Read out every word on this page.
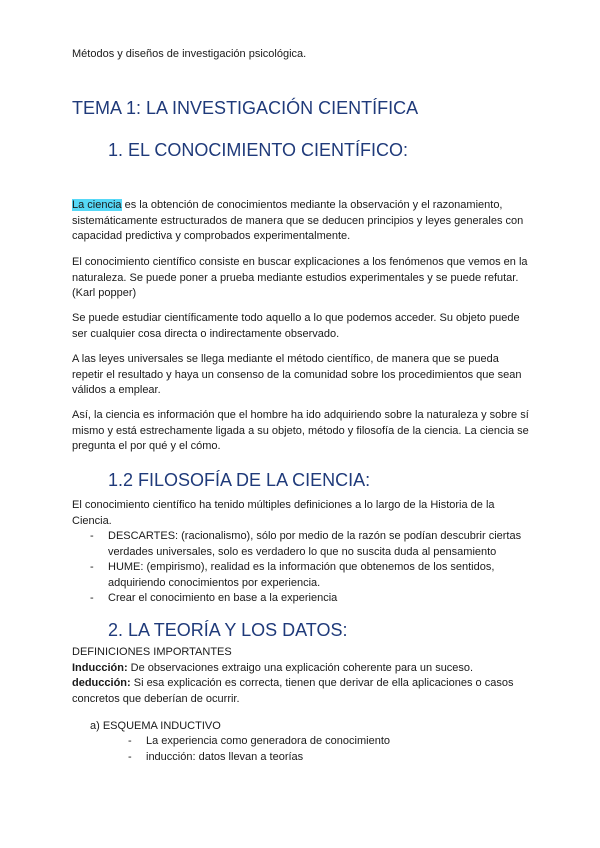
Métodos y diseños de investigación psicológica.
TEMA 1: LA INVESTIGACIÓN CIENTÍFICA
1. EL CONOCIMIENTO CIENTÍFICO:
La ciencia es la obtención de conocimientos mediante la observación y el razonamiento, sistemáticamente estructurados de manera que se deducen principios y leyes generales con capacidad predictiva y comprobados experimentalmente.
El conocimiento científico consiste en buscar explicaciones a los fenómenos que vemos en la naturaleza. Se puede poner a prueba mediante estudios experimentales y se puede refutar. (Karl popper)
Se puede estudiar científicamente todo aquello a lo que podemos acceder. Su objeto puede ser cualquier cosa directa o indirectamente observado.
A las leyes universales se llega mediante el método científico, de manera que se pueda repetir el resultado y haya un consenso de la comunidad sobre los procedimientos que sean válidos a emplear.
Así, la ciencia es información que el hombre ha ido adquiriendo sobre la naturaleza y sobre sí mismo y está estrechamente ligada a su objeto, método y filosofía de la ciencia. La ciencia se pregunta el por qué y el cómo.
1.2 FILOSOFÍA DE LA CIENCIA:
El conocimiento científico ha tenido múltiples definiciones a lo largo de la Historia de la Ciencia.
- DESCARTES: (racionalismo), sólo por medio de la razón se podían descubrir ciertas verdades universales, solo es verdadero lo que no suscita duda al pensamiento
- HUME: (empirismo), realidad es la información que obtenemos de los sentidos, adquiriendo conocimientos por experiencia.
- Crear el conocimiento en base a la experiencia
2. LA TEORÍA Y LOS DATOS:
DEFINICIONES IMPORTANTES
Inducción: De observaciones extraigo una explicación coherente para un suceso.
deducción: Si esa explicación es correcta, tienen que derivar de ella aplicaciones o casos concretos que deberían de ocurrir.
a) ESQUEMA INDUCTIVO
- La experiencia como generadora de conocimiento
- inducción: datos llevan a teorías
